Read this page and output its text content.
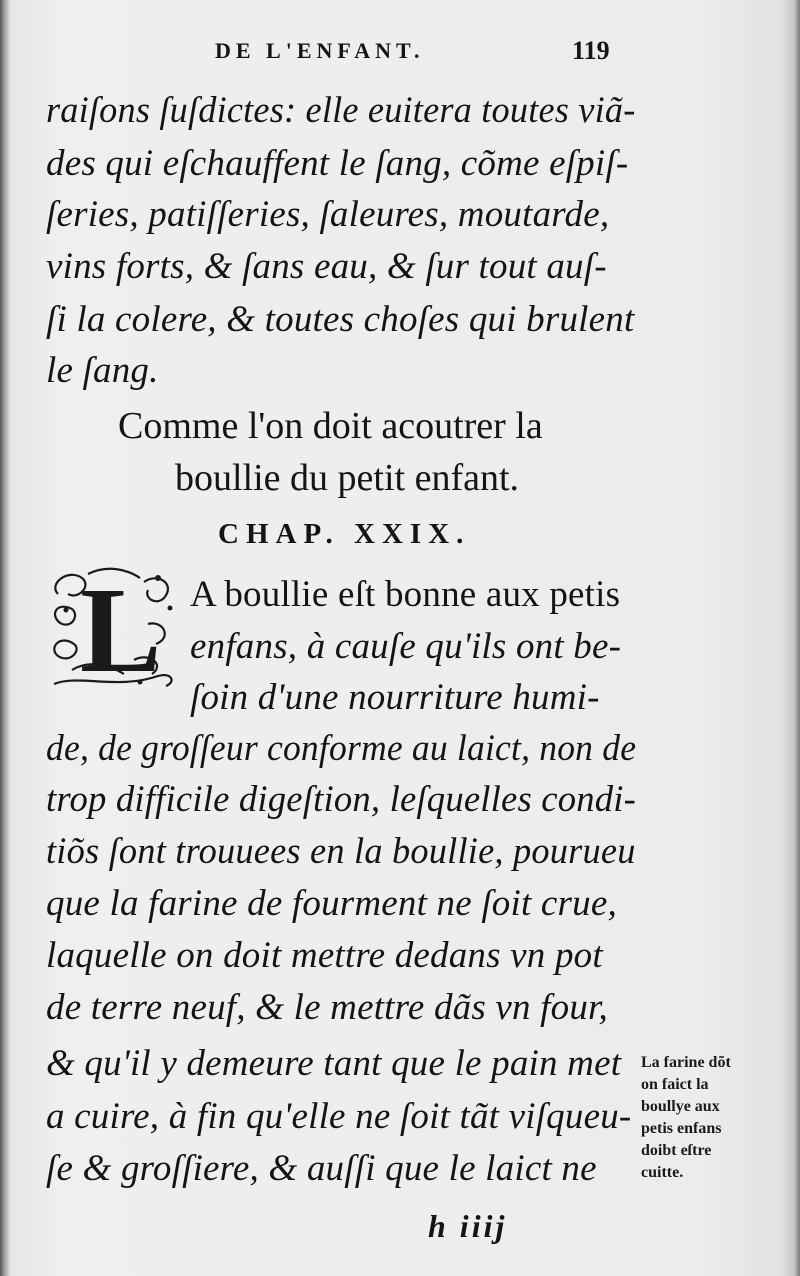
DE L'ENFANT.	119
raiſons ſuſdictes: elle euitera toutes viã-
des qui eſchauffent le ſang, cõme eſpiſ-
ſeries, patiſſeries, ſaleures, moutarde,
vins forts, & ſans eau, & ſur tout auſ-
ſi la colere, & toutes choſes qui brulent
le ſang.
Comme l'on doit acoutrer la
boullie du petit enfant.
CHAP. XXIX.
L A boullie eſt bonne aux petis
enfans, à cauſe qu'ils ont be-
ſoin d'une nourriture humi-
de, de groſſeur conforme au laict, non de
trop difficile digeſtion, leſquelles condi-
tiõs ſont trouuees en la boullie, pourueu
que la farine de fourment ne ſoit crue,
laquelle on doit mettre dedans vn pot
de terre neuf, & le mettre dãs vn four,
& qu'il y demeure tant que le pain met
a cuire, à fin qu'elle ne ſoit tãt viſqueu-
ſe & groſſiere, & auſſi que le laict ne
La farine dõt
on faict la
boullye aux
petis enfans
doibt eſtre
cuitte.
h iiij
